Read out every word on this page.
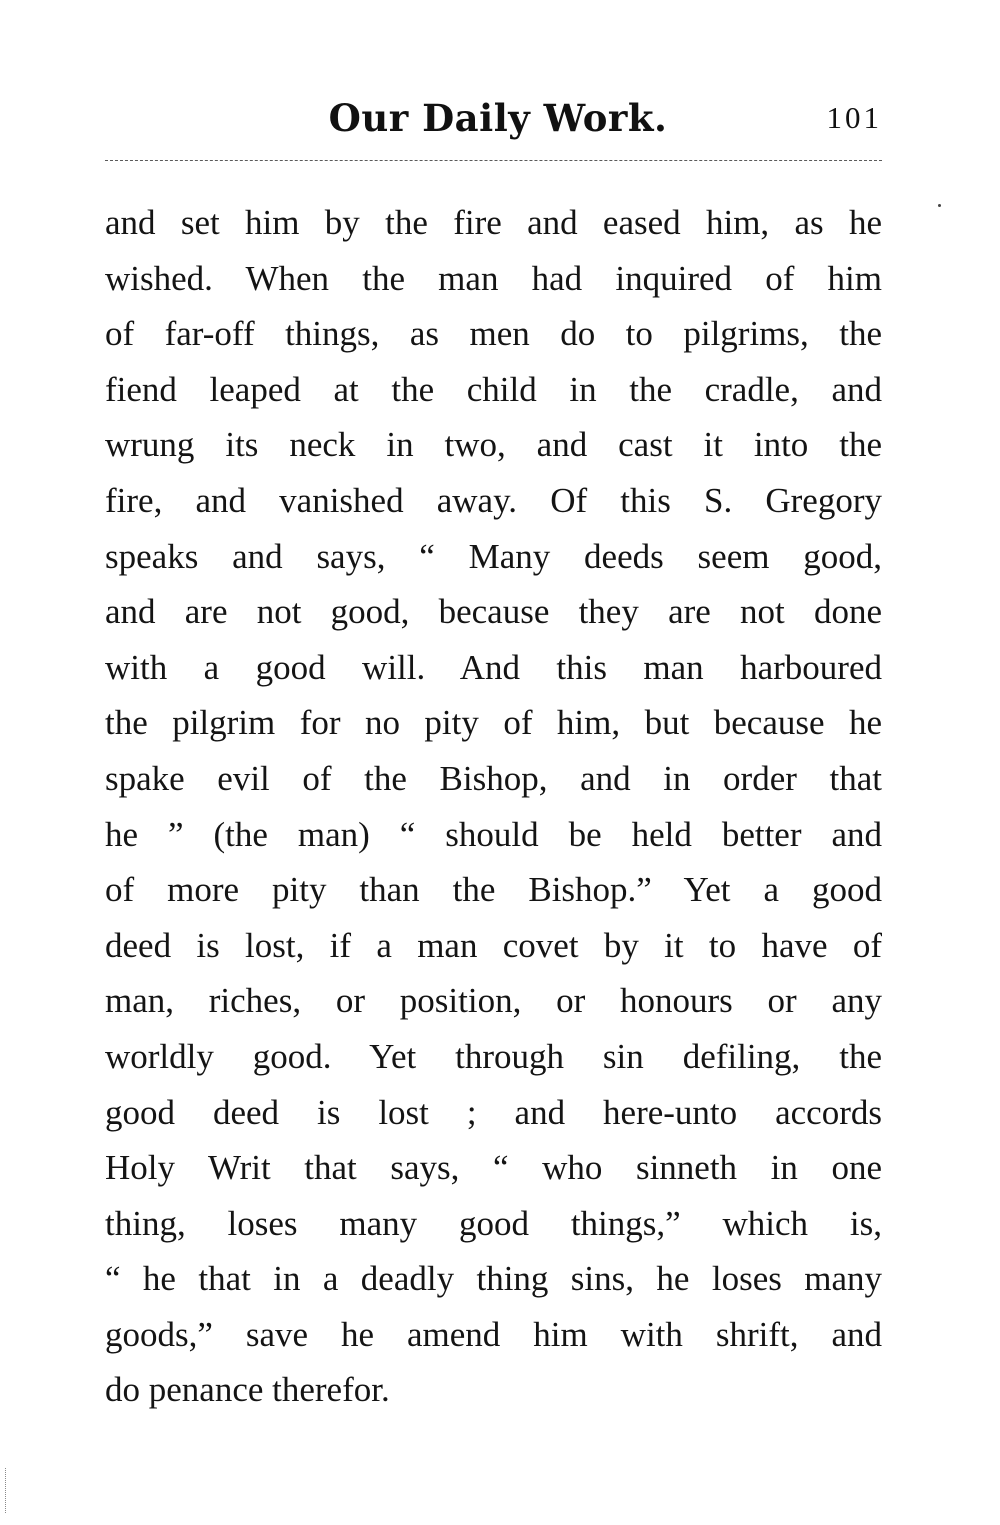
Our Daily Work.	101
and set him by the fire and eased him, as he
wished. When the man had inquired of him
of far-off things, as men do to pilgrims, the
fiend leaped at the child in the cradle, and
wrung its neck in two, and cast it into the
fire, and vanished away. Of this S. Gregory
speaks and says, “ Many deeds seem good,
and are not good, because they are not done
with a good will. And this man harboured
the pilgrim for no pity of him, but because he
spake evil of the Bishop, and in order that
he ” (the man) “ should be held better and
of more pity than the Bishop.” Yet a good
deed is lost, if a man covet by it to have of
man, riches, or position, or honours or any
worldly good. Yet through sin defiling, the
good deed is lost ; and here-unto accords
Holy Writ that says, “ who sinneth in one
thing, loses many good things,” which is,
“ he that in a deadly thing sins, he loses many
goods,” save he amend him with shrift, and
do penance therefor.
